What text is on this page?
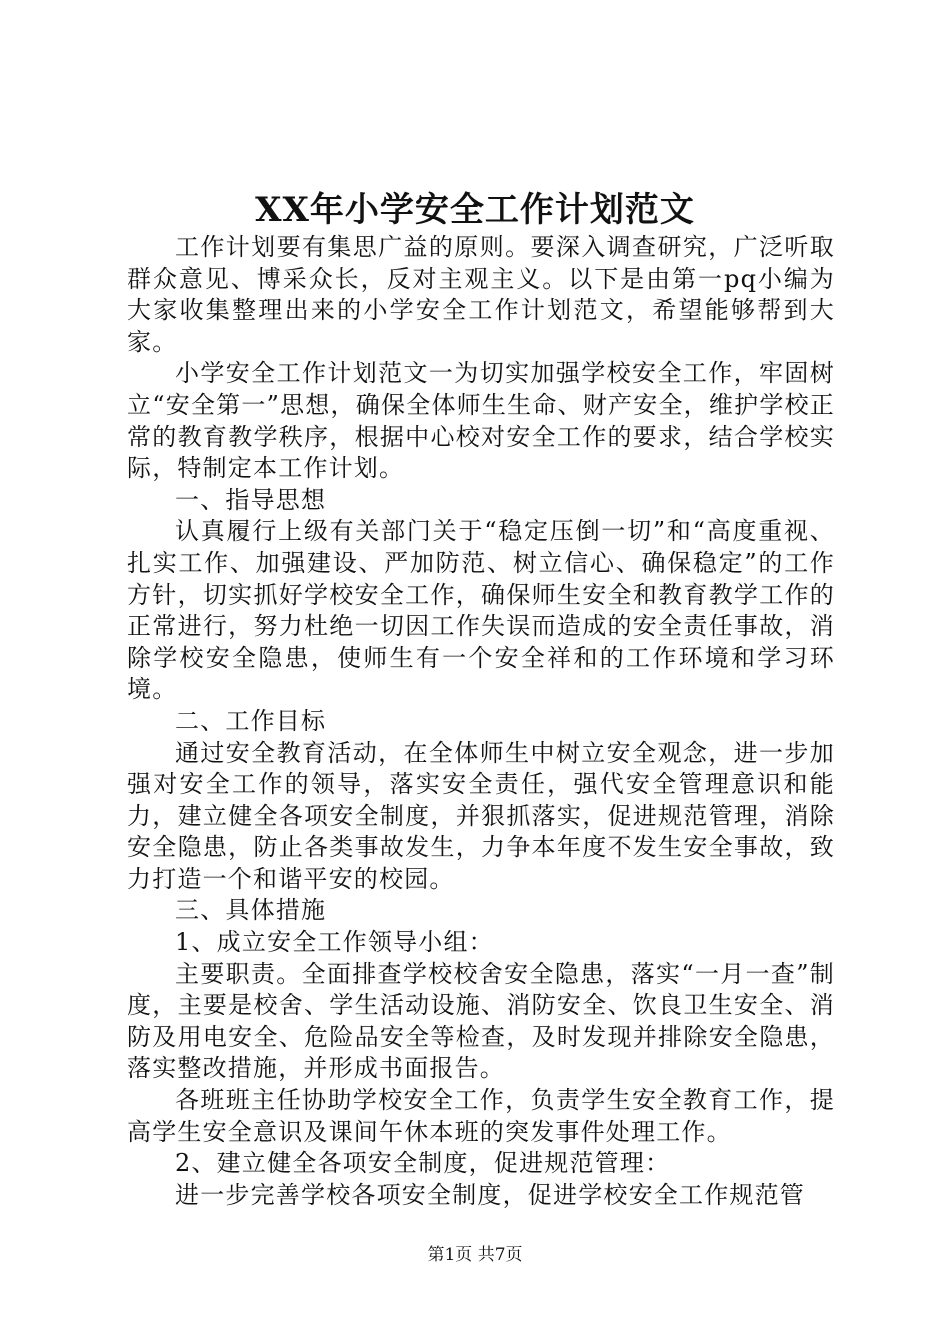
XX年小学安全工作计划范文

工作计划要有集思广益的原则。要深入调查研究，广泛听取群众意见、博采众长，反对主观主义。以下是由第一pq小编为大家收集整理出来的小学安全工作计划范文，希望能够帮到大家。

小学安全工作计划范文一为切实加强学校安全工作，牢固树立“安全第一”思想，确保全体师生生命、财产安全，维护学校正常的教育教学秩序，根据中心校对安全工作的要求，结合学校实际，特制定本工作计划。

一、指导思想

认真履行上级有关部门关于“稳定压倒一切”和“高度重视、扎实工作、加强建设、严加防范、树立信心、确保稳定”的工作方针，切实抓好学校安全工作，确保师生安全和教育教学工作的正常进行，努力杜绝一切因工作失误而造成的安全责任事故，消除学校安全隐患，使师生有一个安全祥和的工作环境和学习环境。

二、工作目标

通过安全教育活动，在全体师生中树立安全观念，进一步加强对安全工作的领导，落实安全责任，强代安全管理意识和能力，建立健全各项安全制度，并狠抓落实，促进规范管理，消除安全隐患，防止各类事故发生，力争本年度不发生安全事故，致力打造一个和谐平安的校园。

三、具体措施

1、成立安全工作领导小组：

主要职责。全面排查学校校舍安全隐患，落实“一月一查”制度，主要是校舍、学生活动设施、消防安全、饮良卫生安全、消防及用电安全、危险品安全等检查，及时发现并排除安全隐患，落实整改措施，并形成书面报告。

各班班主任协助学校安全工作，负责学生安全教育工作，提高学生安全意识及课间午休本班的突发事件处理工作。

2、建立健全各项安全制度，促进规范管理：

进一步完善学校各项安全制度，促进学校安全工作规范管

第1页 共7页
